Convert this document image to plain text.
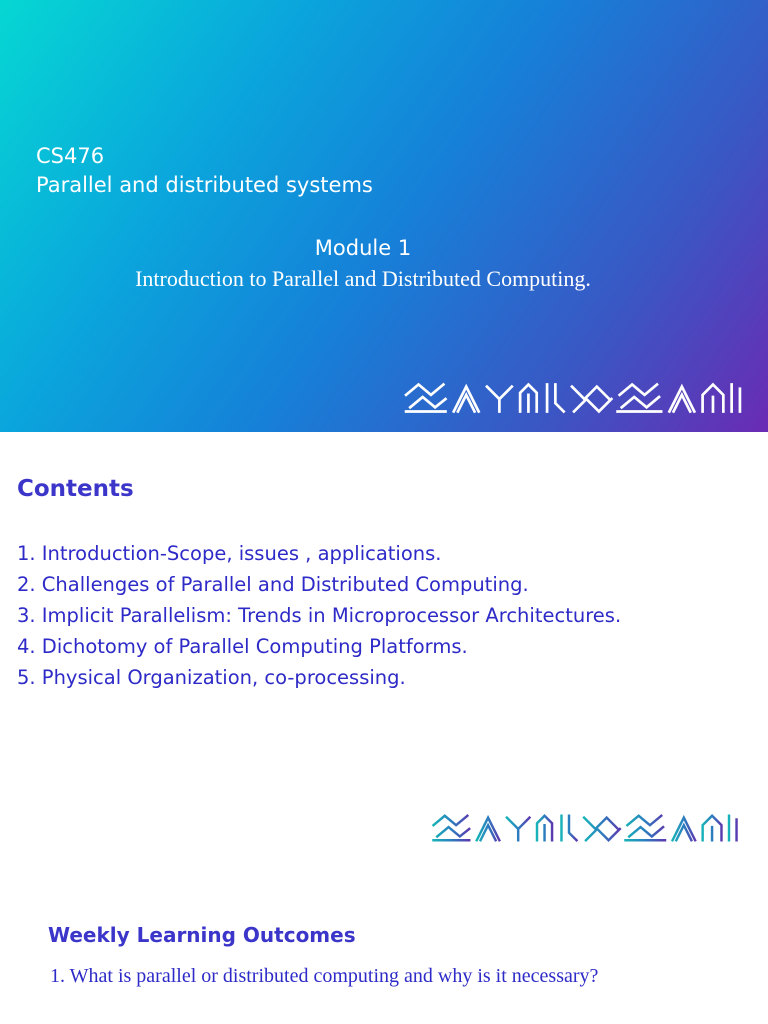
CS476
Parallel and distributed systems
Module 1
Introduction to Parallel and Distributed Computing.
Contents
1. Introduction-Scope, issues , applications.
2. Challenges of Parallel and Distributed Computing.
3. Implicit Parallelism: Trends in Microprocessor Architectures.
4. Dichotomy of Parallel Computing Platforms.
5. Physical Organization, co-processing.
Weekly Learning Outcomes
1. What is parallel or distributed computing and why is it necessary?
